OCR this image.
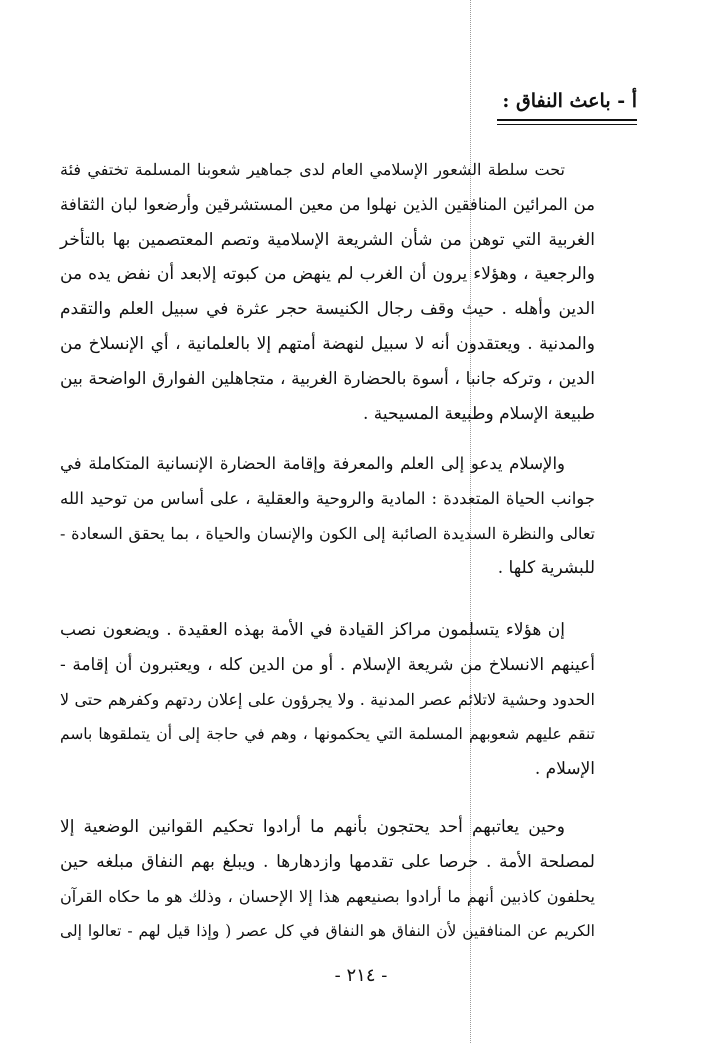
أ - باعث النفاق :
تحت سلطة الشعور الإسلامي العام لدى جماهير شعوبنا المسلمة تختفي فئة
من المرائين المنافقين الذين نهلوا من معين المستشرقين وأرضعوا لبان الثقافة
الغربية التي توهن من شأن الشريعة الإسلامية وتصم المعتصمين بها بالتأخر
والرجعية ، وهؤلاء يرون أن الغرب لم ينهض من كبوته إلابعد أن نفض يده من
الدين وأهله . حيث وقف رجال الكنيسة حجر عثرة في سبيل العلم والتقدم
والمدنية . ويعتقدون أنه لا سبيل لنهضة أمتهم إلا بالعلمانية ، أي الإنسلاخ من
الدين ، وتركه جانبا ، أسوة بالحضارة الغربية ، متجاهلين الفوارق الواضحة بين
طبيعة الإسلام وطبيعة المسيحية .
والإسلام يدعو إلى العلم والمعرفة وإقامة الحضارة الإنسانية المتكاملة في
جوانب الحياة المتعددة : المادية والروحية والعقلية ، على أساس من توحيد الله
تعالى والنظرة السديدة الصائبة إلى الكون والإنسان والحياة ، بما يحقق السعادة -
للبشرية كلها .
إن هؤلاء يتسلمون مراكز القيادة في الأمة بهذه العقيدة . ويضعون نصب
أعينهم الانسلاخ من شريعة الإسلام . أو من الدين كله ، ويعتبرون أن إقامة -
الحدود وحشية لاتلائم عصر المدنية . ولا يجرؤون على إعلان ردتهم وكفرهم حتى لا
تنقم عليهم شعوبهم المسلمة التي يحكمونها ، وهم في حاجة إلى أن يتملقوها باسم
الإسلام .
وحين يعاتبهم أحد يحتجون بأنهم ما أرادوا تحكيم القوانين الوضعية إلا
لمصلحة الأمة . حرصا على تقدمها وازدهارها . ويبلغ بهم النفاق مبلغه حين
يحلفون كاذبين أنهم ما أرادوا بصنيعهم هذا إلا الإحسان ، وذلك هو ما حكاه القرآن
الكريم عن المنافقين لأن النفاق هو النفاق في كل عصر ( وإذا قيل لهم - تعالوا إلى
- ٢١٤ -
